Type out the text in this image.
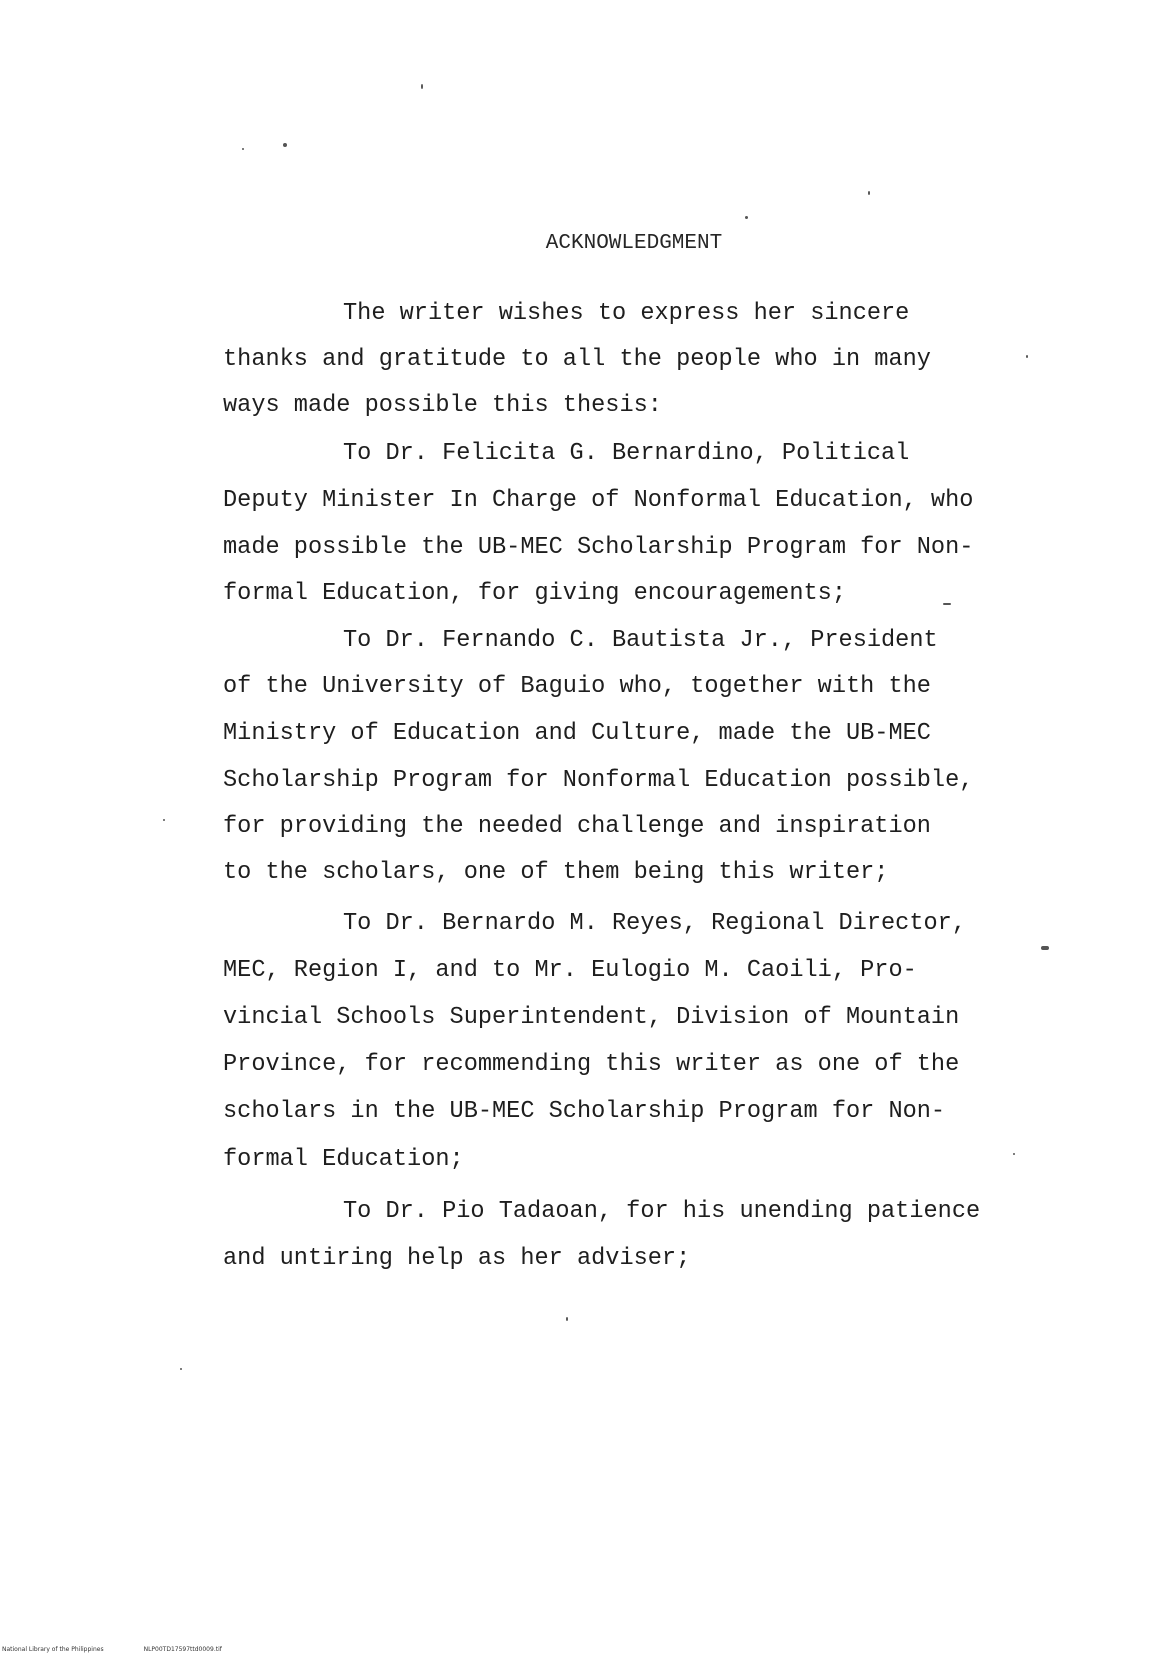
ACKNOWLEDGMENT
The writer wishes to express her sincere
thanks and gratitude to all the people who in many
ways made possible this thesis:
To Dr. Felicita G. Bernardino, Political
Deputy Minister In Charge of Nonformal Education, who
made possible the UB-MEC Scholarship Program for Non-
formal Education, for giving encouragements;
To Dr. Fernando C. Bautista Jr., President
of the University of Baguio who, together with the
Ministry of Education and Culture, made the UB-MEC
Scholarship Program for Nonformal Education possible,
for providing the needed challenge and inspiration
to the scholars, one of them being this writer;
To Dr. Bernardo M. Reyes, Regional Director,
MEC, Region I, and to Mr. Eulogio M. Caoili, Pro-
vincial Schools Superintendent, Division of Mountain
Province, for recommending this writer as one of the
scholars in the UB-MEC Scholarship Program for Non-
formal Education;
To Dr. Pio Tadaoan, for his unending patience
and untiring help as her adviser;
National Library of the Philippines	NLP00TD17597ttd0009.tif
